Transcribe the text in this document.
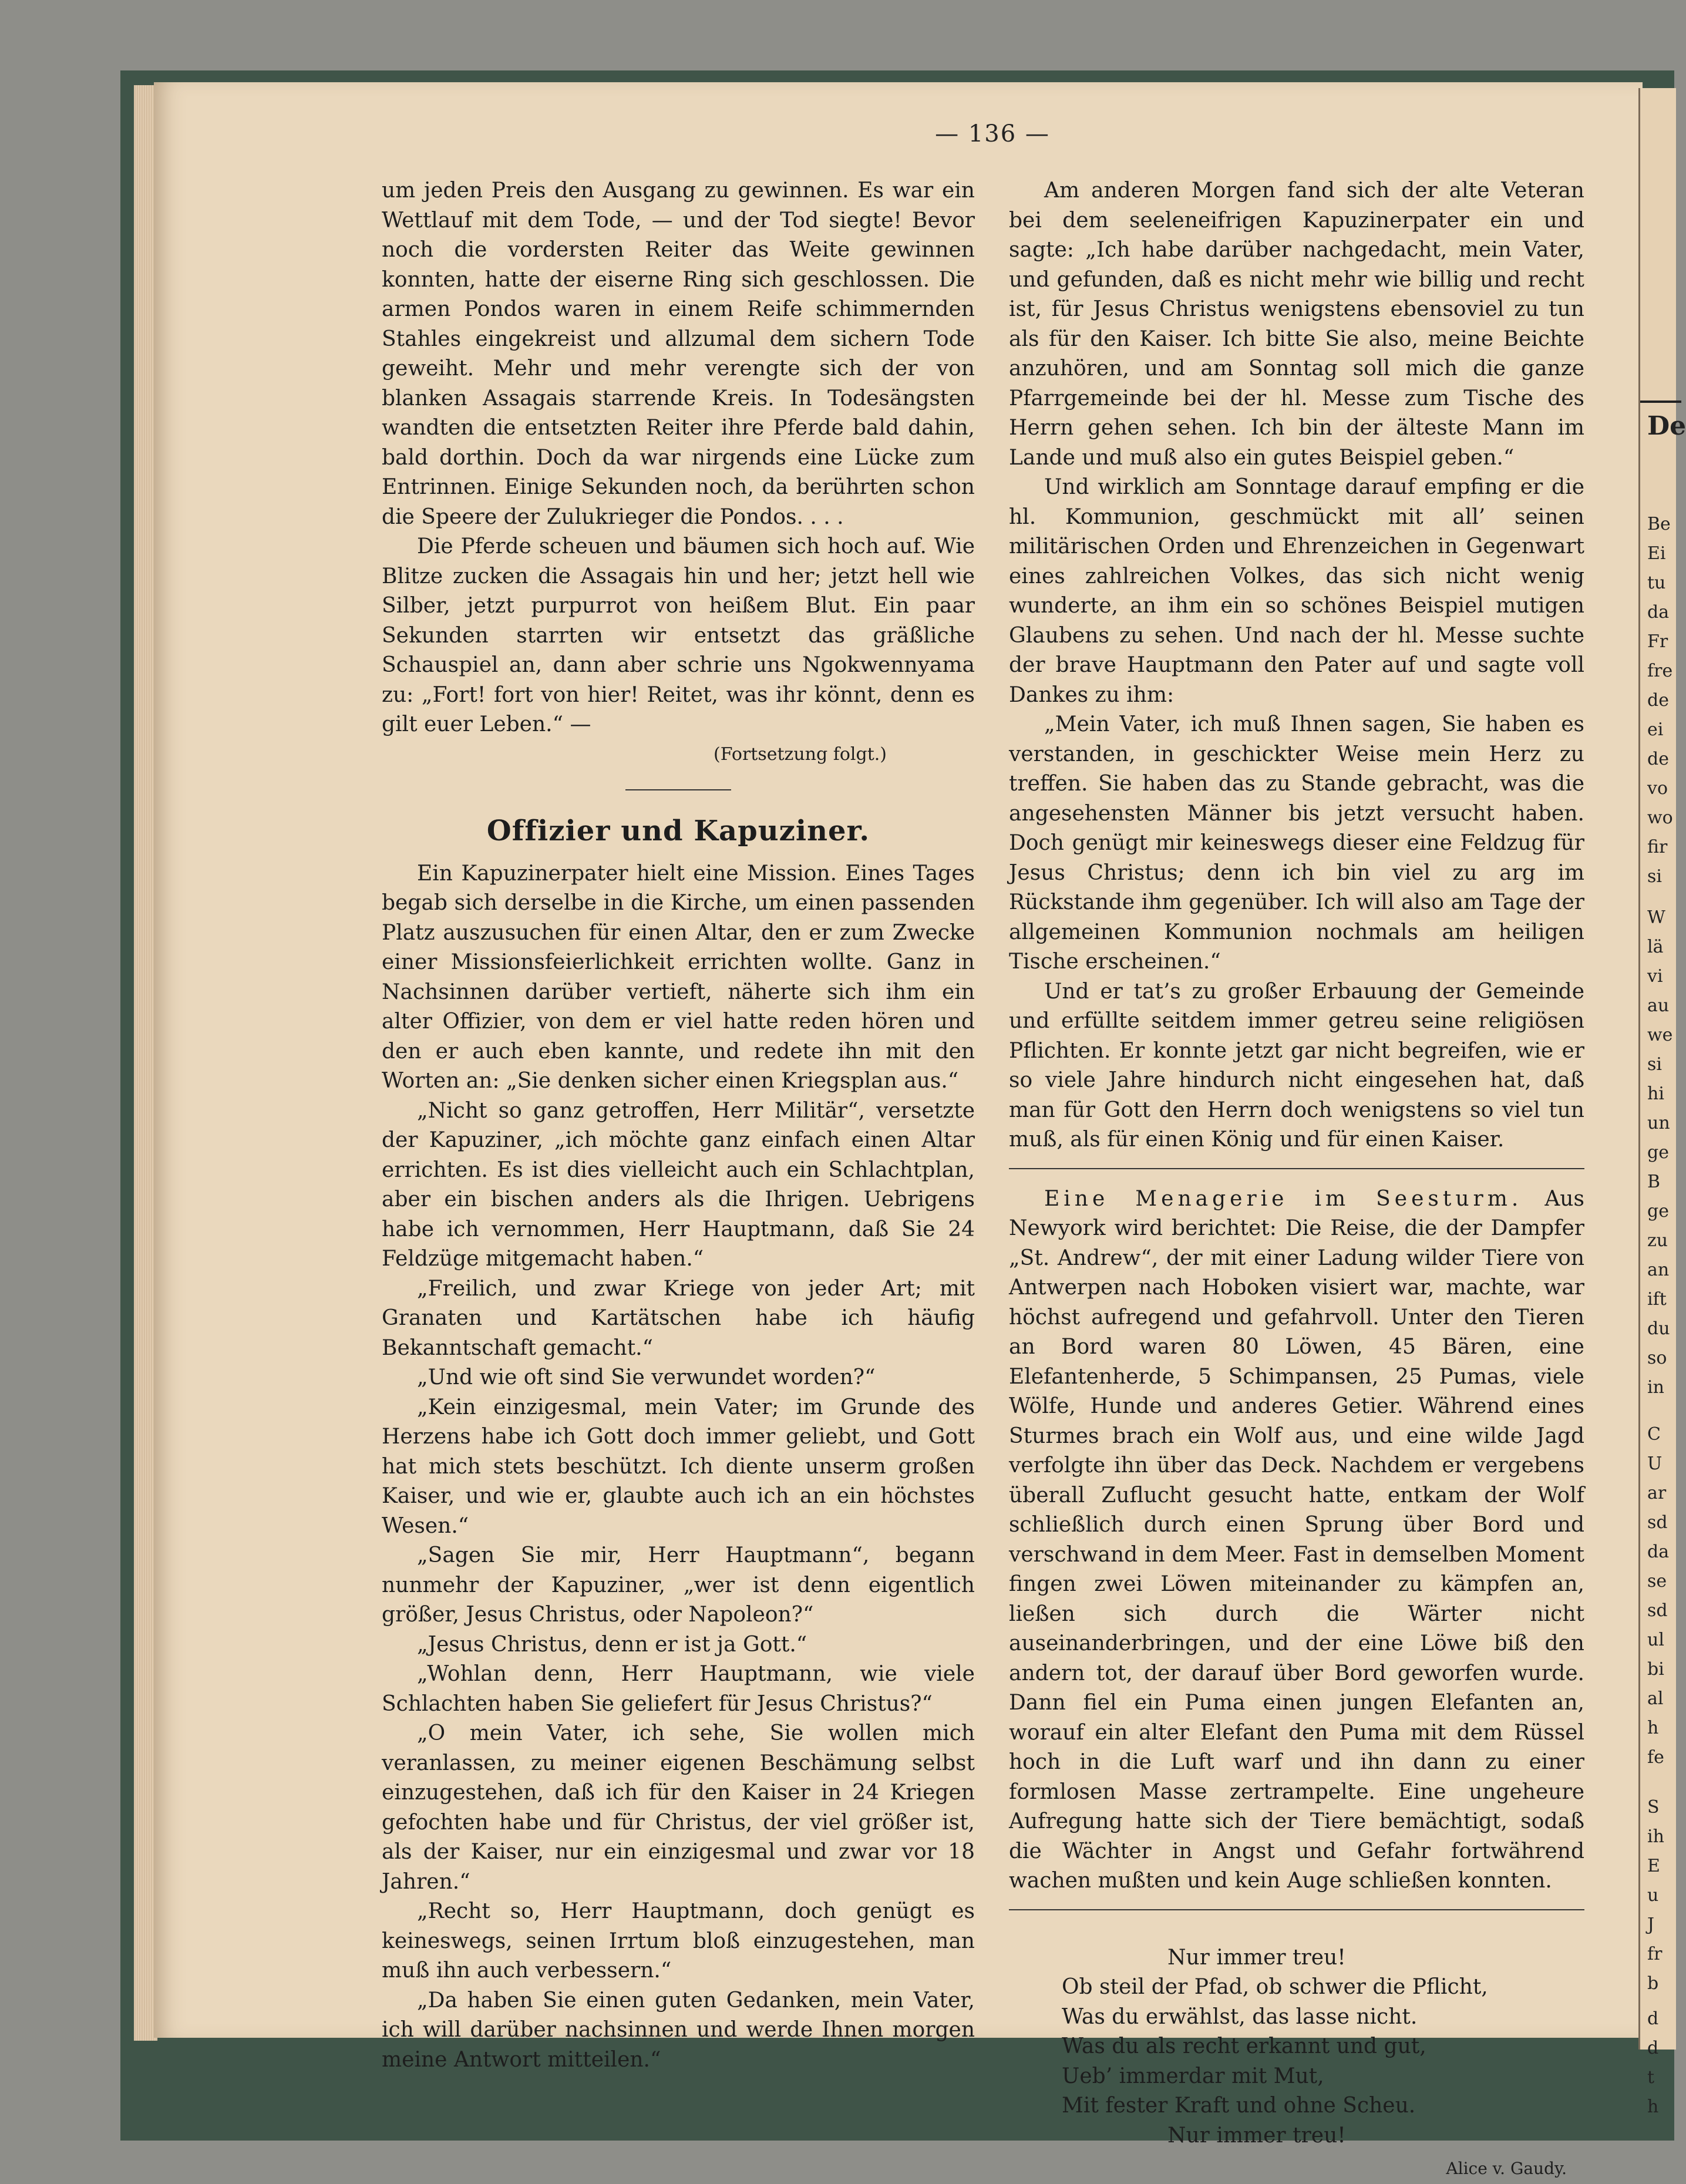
— 136 —

um jeden Preis den Ausgang zu gewinnen. Es war ein Wettlauf mit dem Tode, — und der Tod siegte! Bevor noch die vordersten Reiter das Weite gewinnen konnten, hatte der eiserne Ring sich geschlossen. Die armen Pondos waren in einem Reife schimmernden Stahles eingekreist und allzumal dem sichern Tode geweiht. Mehr und mehr verengte sich der von blanken Assagais starrende Kreis. In Todesängsten wandten die entsetzten Reiter ihre Pferde bald dahin, bald dorthin. Doch da war nirgends eine Lücke zum Entrinnen. Einige Sekunden noch, da berührten schon die Speere der Zulukrieger die Pondos. . . .

Die Pferde scheuen und bäumen sich hoch auf. Wie Blitze zucken die Assagais hin und her; jetzt hell wie Silber, jetzt purpurrot von heißem Blut. Ein paar Sekunden starrten wir entsetzt das gräßliche Schauspiel an, dann aber schrie uns Ngokwennyama zu: „Fort! fort von hier! Reitet, was ihr könnt, denn es gilt euer Leben.“ —

(Fortsetzung folgt.)

Offizier und Kapuziner.

Ein Kapuzinerpater hielt eine Mission. Eines Tages begab sich derselbe in die Kirche, um einen passenden Platz auszusuchen für einen Altar, den er zum Zwecke einer Missionsfeierlichkeit errichten wollte. Ganz in Nachsinnen darüber vertieft, näherte sich ihm ein alter Offizier, von dem er viel hatte reden hören und den er auch eben kannte, und redete ihn mit den Worten an: „Sie denken sicher einen Kriegsplan aus.“

„Nicht so ganz getroffen, Herr Militär“, versetzte der Kapuziner, „ich möchte ganz einfach einen Altar errichten. Es ist dies vielleicht auch ein Schlachtplan, aber ein bischen anders als die Ihrigen. Uebrigens habe ich vernommen, Herr Hauptmann, daß Sie 24 Feldzüge mitgemacht haben.“

„Freilich, und zwar Kriege von jeder Art; mit Granaten und Kartätschen habe ich häufig Bekanntschaft gemacht.“

„Und wie oft sind Sie verwundet worden?“

„Kein einzigesmal, mein Vater; im Grunde des Herzens habe ich Gott doch immer geliebt, und Gott hat mich stets beschützt. Ich diente unserm großen Kaiser, und wie er, glaubte auch ich an ein höchstes Wesen.“

„Sagen Sie mir, Herr Hauptmann“, begann nunmehr der Kapuziner, „wer ist denn eigentlich größer, Jesus Christus, oder Napoleon?“

„Jesus Christus, denn er ist ja Gott.“

„Wohlan denn, Herr Hauptmann, wie viele Schlachten haben Sie geliefert für Jesus Christus?“

„O mein Vater, ich sehe, Sie wollen mich veranlassen, zu meiner eigenen Beschämung selbst einzugestehen, daß ich für den Kaiser in 24 Kriegen gefochten habe und für Christus, der viel größer ist, als der Kaiser, nur ein einzigesmal und zwar vor 18 Jahren.“

„Recht so, Herr Hauptmann, doch genügt es keineswegs, seinen Irrtum bloß einzugestehen, man muß ihn auch verbessern.“

„Da haben Sie einen guten Gedanken, mein Vater, ich will darüber nachsinnen und werde Ihnen morgen meine Antwort mitteilen.“

Am anderen Morgen fand sich der alte Veteran bei dem seeleneifrigen Kapuzinerpater ein und sagte: „Ich habe darüber nachgedacht, mein Vater, und gefunden, daß es nicht mehr wie billig und recht ist, für Jesus Christus wenigstens ebensoviel zu tun als für den Kaiser. Ich bitte Sie also, meine Beichte anzuhören, und am Sonntag soll mich die ganze Pfarrgemeinde bei der hl. Messe zum Tische des Herrn gehen sehen. Ich bin der älteste Mann im Lande und muß also ein gutes Beispiel geben.“

Und wirklich am Sonntage darauf empfing er die hl. Kommunion, geschmückt mit all’ seinen militärischen Orden und Ehrenzeichen in Gegenwart eines zahlreichen Volkes, das sich nicht wenig wunderte, an ihm ein so schönes Beispiel mutigen Glaubens zu sehen. Und nach der hl. Messe suchte der brave Hauptmann den Pater auf und sagte voll Dankes zu ihm:

„Mein Vater, ich muß Ihnen sagen, Sie haben es verstanden, in geschickter Weise mein Herz zu treffen. Sie haben das zu Stande gebracht, was die angesehensten Männer bis jetzt versucht haben. Doch genügt mir keineswegs dieser eine Feldzug für Jesus Christus; denn ich bin viel zu arg im Rückstande ihm gegenüber. Ich will also am Tage der allgemeinen Kommunion nochmals am heiligen Tische erscheinen.“

Und er tat’s zu großer Erbauung der Gemeinde und erfüllte seitdem immer getreu seine religiösen Pflichten. Er konnte jetzt gar nicht begreifen, wie er so viele Jahre hindurch nicht eingesehen hat, daß man für Gott den Herrn doch wenigstens so viel tun muß, als für einen König und für einen Kaiser.

Eine Menagerie im Seesturm. Aus Newyork wird berichtet: Die Reise, die der Dampfer „St. Andrew“, der mit einer Ladung wilder Tiere von Antwerpen nach Hoboken visiert war, machte, war höchst aufregend und gefahrvoll. Unter den Tieren an Bord waren 80 Löwen, 45 Bären, eine Elefantenherde, 5 Schimpansen, 25 Pumas, viele Wölfe, Hunde und anderes Getier. Während eines Sturmes brach ein Wolf aus, und eine wilde Jagd verfolgte ihn über das Deck. Nachdem er vergebens überall Zuflucht gesucht hatte, entkam der Wolf schließlich durch einen Sprung über Bord und verschwand in dem Meer. Fast in demselben Moment fingen zwei Löwen miteinander zu kämpfen an, ließen sich durch die Wärter nicht auseinanderbringen, und der eine Löwe biß den andern tot, der darauf über Bord geworfen wurde. Dann fiel ein Puma einen jungen Elefanten an, worauf ein alter Elefant den Puma mit dem Rüssel hoch in die Luft warf und ihn dann zu einer formlosen Masse zertrampelte. Eine ungeheure Aufregung hatte sich der Tiere bemächtigt, sodaß die Wächter in Angst und Gefahr fortwährend wachen mußten und kein Auge schließen konnten.

Nur immer treu!
Ob steil der Pfad, ob schwer die Pflicht,
Was du erwählst, das lasse nicht.
Was du als recht erkannt und gut,
Ueb’ immerdar mit Mut,
Mit fester Kraft und ohne Scheu.
Nur immer treu!
Alice v. Gaudy.
De
Be
Ei
tu
da
Fr
fre
de
ei
de
vo
wo
fir
si
W
lä
vi
au
we
si
hi
un
ge
B
ge
zu
an
ift
du
so
in
C
U
ar
sd
da
se
sd
ul
bi
al
h
fe
S
ih
E
u
J
fr
b
d
d
t
h
